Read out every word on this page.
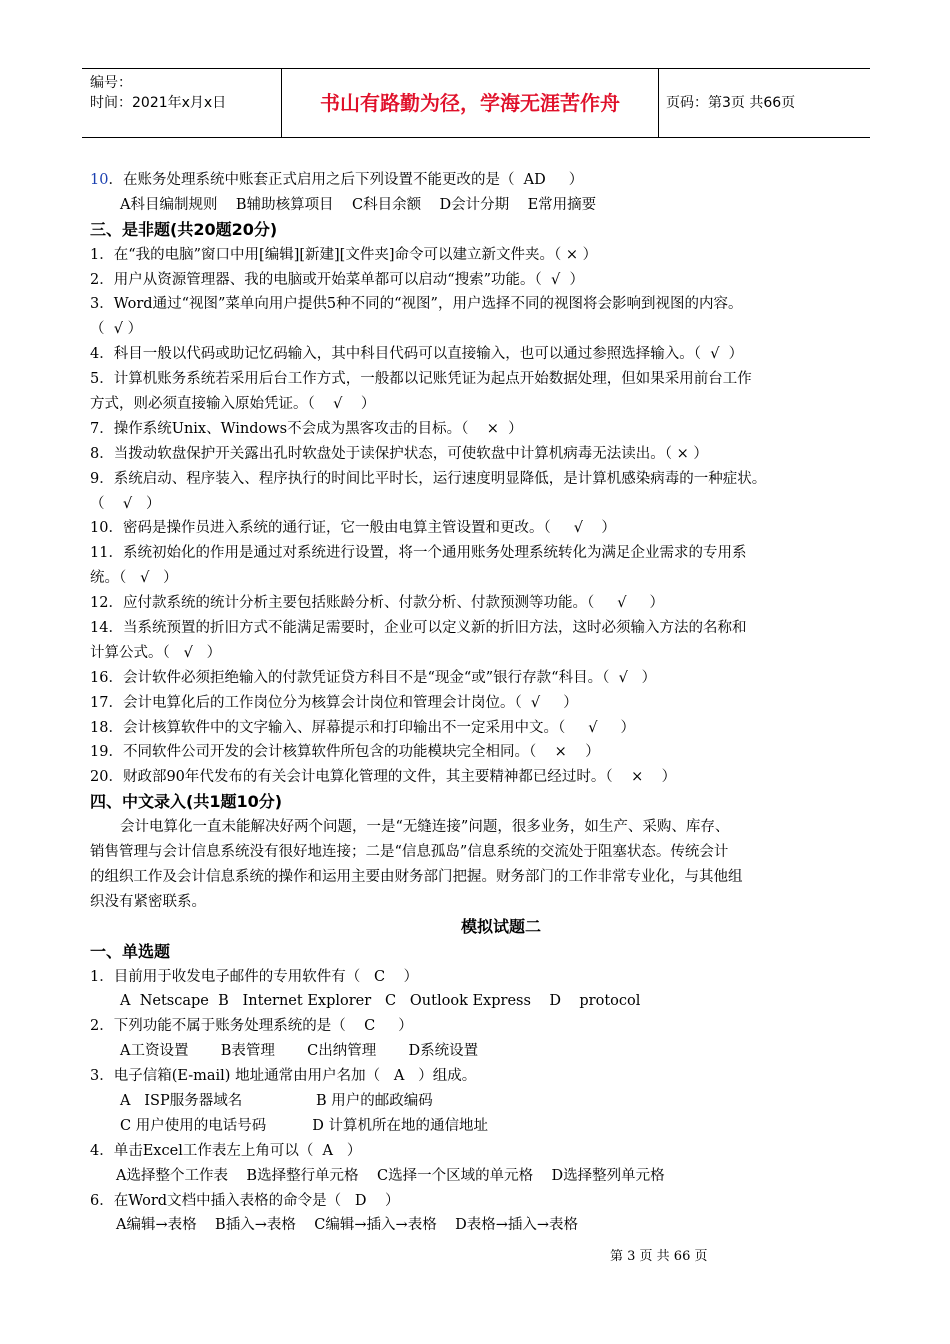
编号：
时间：2021年x月x日	书山有路勤为径，学海无涯苦作舟	页码：第3页 共66页
10．在账务处理系统中账套正式启用之后下列设置不能更改的是（  AD     ）
A科目编制规则    B辅助核算项目    C科目余额    D会计分期    E常用摘要
三、是非题(共20题20分)
1．在“我的电脑”窗口中用[编辑][新建][文件夹]命令可以建立新文件夹。（ × ）
2．用户从资源管理器、我的电脑或开始菜单都可以启动“搜索”功能。（  √  ）
3．Word通过“视图”菜单向用户提供5种不同的“视图”，用户选择不同的视图将会影响到视图的内容。
（  √ ）
4．科目一般以代码或助记忆码输入，其中科目代码可以直接输入，也可以通过参照选择输入。（  √  ）
5．计算机账务系统若采用后台工作方式，一般都以记账凭证为起点开始数据处理，但如果采用前台工作
方式，则必须直接输入原始凭证。（    √    ）
7．操作系统Unix、Windows不会成为黑客攻击的目标。（    ×  ）
8．当拨动软盘保护开关露出孔时软盘处于读保护状态，可使软盘中计算机病毒无法读出。（ × ）
9．系统启动、程序装入、程序执行的时间比平时长，运行速度明显降低，是计算机感染病毒的一种症状。
（    √   ）
10．密码是操作员进入系统的通行证，它一般由电算主管设置和更改。（     √    ）
11．系统初始化的作用是通过对系统进行设置，将一个通用账务处理系统转化为满足企业需求的专用系
统。（   √   ）
12．应付款系统的统计分析主要包括账龄分析、付款分析、付款预测等功能。（     √     ）
14．当系统预置的折旧方式不能满足需要时，企业可以定义新的折旧方法，这时必须输入方法的名称和
计算公式。（   √   ）
16．会计软件必须拒绝输入的付款凭证贷方科目不是“现金“或”银行存款“科目。（  √   ）
17．会计电算化后的工作岗位分为核算会计岗位和管理会计岗位。（  √     ）
18．会计核算软件中的文字输入、屏幕提示和打印输出不一定采用中文。（     √     ）
19．不同软件公司开发的会计核算软件所包含的功能模块完全相同。（    ×    ）
20．财政部90年代发布的有关会计电算化管理的文件，其主要精神都已经过时。（    ×    ）
四、中文录入(共1题10分)
会计电算化一直未能解决好两个问题，一是“无缝连接”问题，很多业务，如生产、采购、库存、
销售管理与会计信息系统没有很好地连接；二是“信息孤岛”信息系统的交流处于阻塞状态。传统会计
的组织工作及会计信息系统的操作和运用主要由财务部门把握。财务部门的工作非常专业化，与其他组
织没有紧密联系。
模拟试题二
一、单选题
1．目前用于收发电子邮件的专用软件有（   C    ）
A  Netscape  B   Internet Explorer   C   Outlook Express    D    protocol
2．下列功能不属于账务处理系统的是（    C     ）
A工资设置       B表管理       C出纳管理       D系统设置
3．电子信箱(E-mail) 地址通常由用户名加（   A   ）组成。
A   ISP服务器域名                B 用户的邮政编码
C 用户使用的电话号码          D 计算机所在地的通信地址
4．单击Excel工作表左上角可以（  A   ）
A选择整个工作表    B选择整行单元格    C选择一个区域的单元格    D选择整列单元格
6．在Word文档中插入表格的命令是（   D    ）
A编辑→表格    B插入→表格    C编辑→插入→表格    D表格→插入→表格
第 3 页 共 66 页
